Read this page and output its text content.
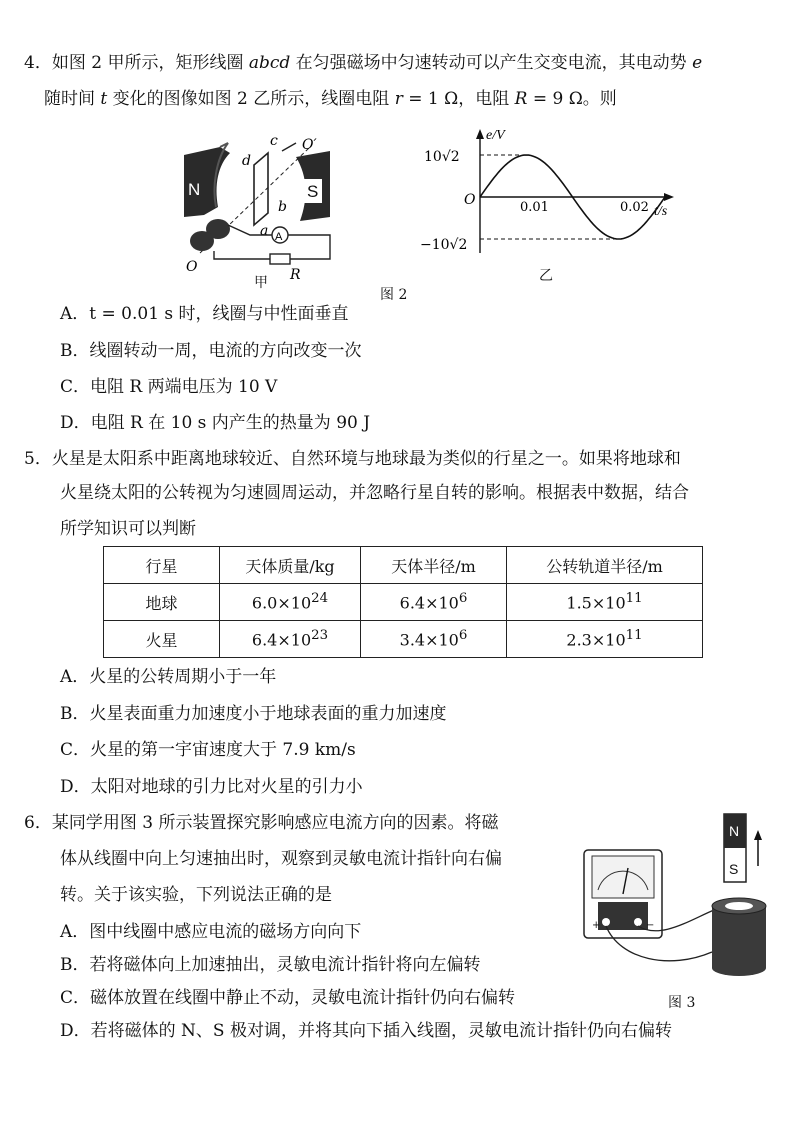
4．如图 2 甲所示，矩形线圈 abcd 在匀强磁场中匀速转动可以产生交变电流，其电动势 e
随时间 t 变化的图像如图 2 乙所示，线圈电阻 r = 1 Ω，电阻 R = 9 Ω。则
N	S
c
d
b
a
O′
A
R
O
甲
e/V
t/s
O
10√2
−10√2
0.01	0.02
乙
图 2
A．t = 0.01 s 时，线圈与中性面垂直
B．线圈转动一周，电流的方向改变一次
C．电阻 R 两端电压为 10 V
D．电阻 R 在 10 s 内产生的热量为 90 J
5．火星是太阳系中距离地球较近、自然环境与地球最为类似的行星之一。如果将地球和
火星绕太阳的公转视为匀速圆周运动，并忽略行星自转的影响。根据表中数据，结合
所学知识可以判断
行星	天体质量/kg	天体半径/m	公转轨道半径/m
地球	$6.0\times 10^{24}$	$6.4\times 10^6$	$1.5\times 10^{11}$
火星	$6.4\times 10^{23}$	$3.4\times 10^6$	$2.3\times 10^{11}$
A．火星的公转周期小于一年
B．火星表面重力加速度小于地球表面的重力加速度
C．火星的第一宇宙速度大于 7.9 km/s
D．太阳对地球的引力比对火星的引力小
6．某同学用图 3 所示装置探究影响感应电流方向的因素。将磁
体从线圈中向上匀速抽出时，观察到灵敏电流计指针向右偏
转。关于该实验，下列说法正确的是
A．图中线圈中感应电流的磁场方向向下
B．若将磁体向上加速抽出，灵敏电流计指针将向左偏转
C．磁体放置在线圈中静止不动，灵敏电流计指针仍向右偏转
D．若将磁体的 N、S 极对调，并将其向下插入线圈，灵敏电流计指针仍向右偏转
N
S
+	−
图 3
